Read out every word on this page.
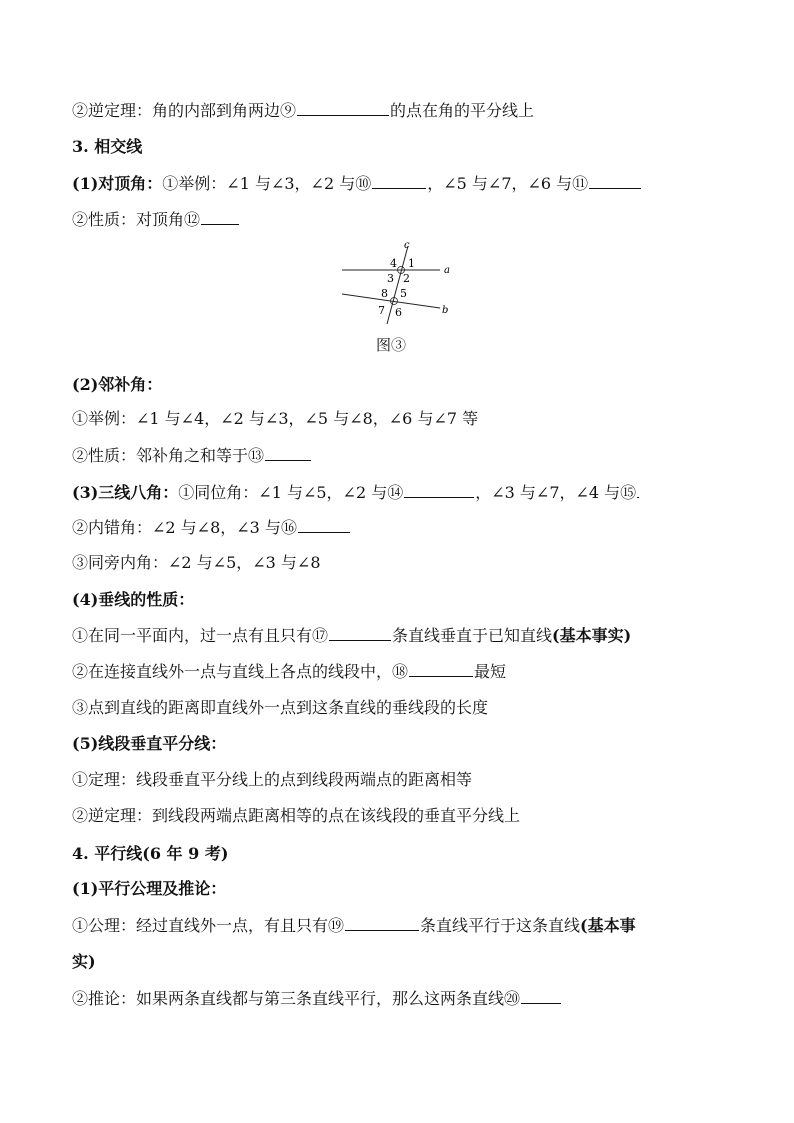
②逆定理：角的内部到角两边⑨	的点在角的平分线上
3. 相交线
(1)对顶角：①举例：∠1 与∠3，∠2 与⑩	，∠5 与∠7，∠6 与⑪
②性质：对顶角⑫
c
a
b
4 1
3 2
8 5
7 6
图③
(2)邻补角：
①举例：∠1 与∠4，∠2 与∠3，∠5 与∠8，∠6 与∠7 等
②性质：邻补角之和等于⑬
(3)三线八角：①同位角：∠1 与∠5，∠2 与⑭	，∠3 与∠7，∠4 与⑮
②内错角：∠2 与∠8，∠3 与⑯
③同旁内角：∠2 与∠5，∠3 与∠8
(4)垂线的性质：
①在同一平面内，过一点有且只有⑰	条直线垂直于已知直线(基本事实)
②在连接直线外一点与直线上各点的线段中，⑱	最短
③点到直线的距离即直线外一点到这条直线的垂线段的长度
(5)线段垂直平分线：
①定理：线段垂直平分线上的点到线段两端点的距离相等
②逆定理：到线段两端点距离相等的点在该线段的垂直平分线上
4. 平行线(6 年 9 考)
(1)平行公理及推论：
①公理：经过直线外一点，有且只有⑲	条直线平行于这条直线(基本事
实)
②推论：如果两条直线都与第三条直线平行，那么这两条直线⑳
